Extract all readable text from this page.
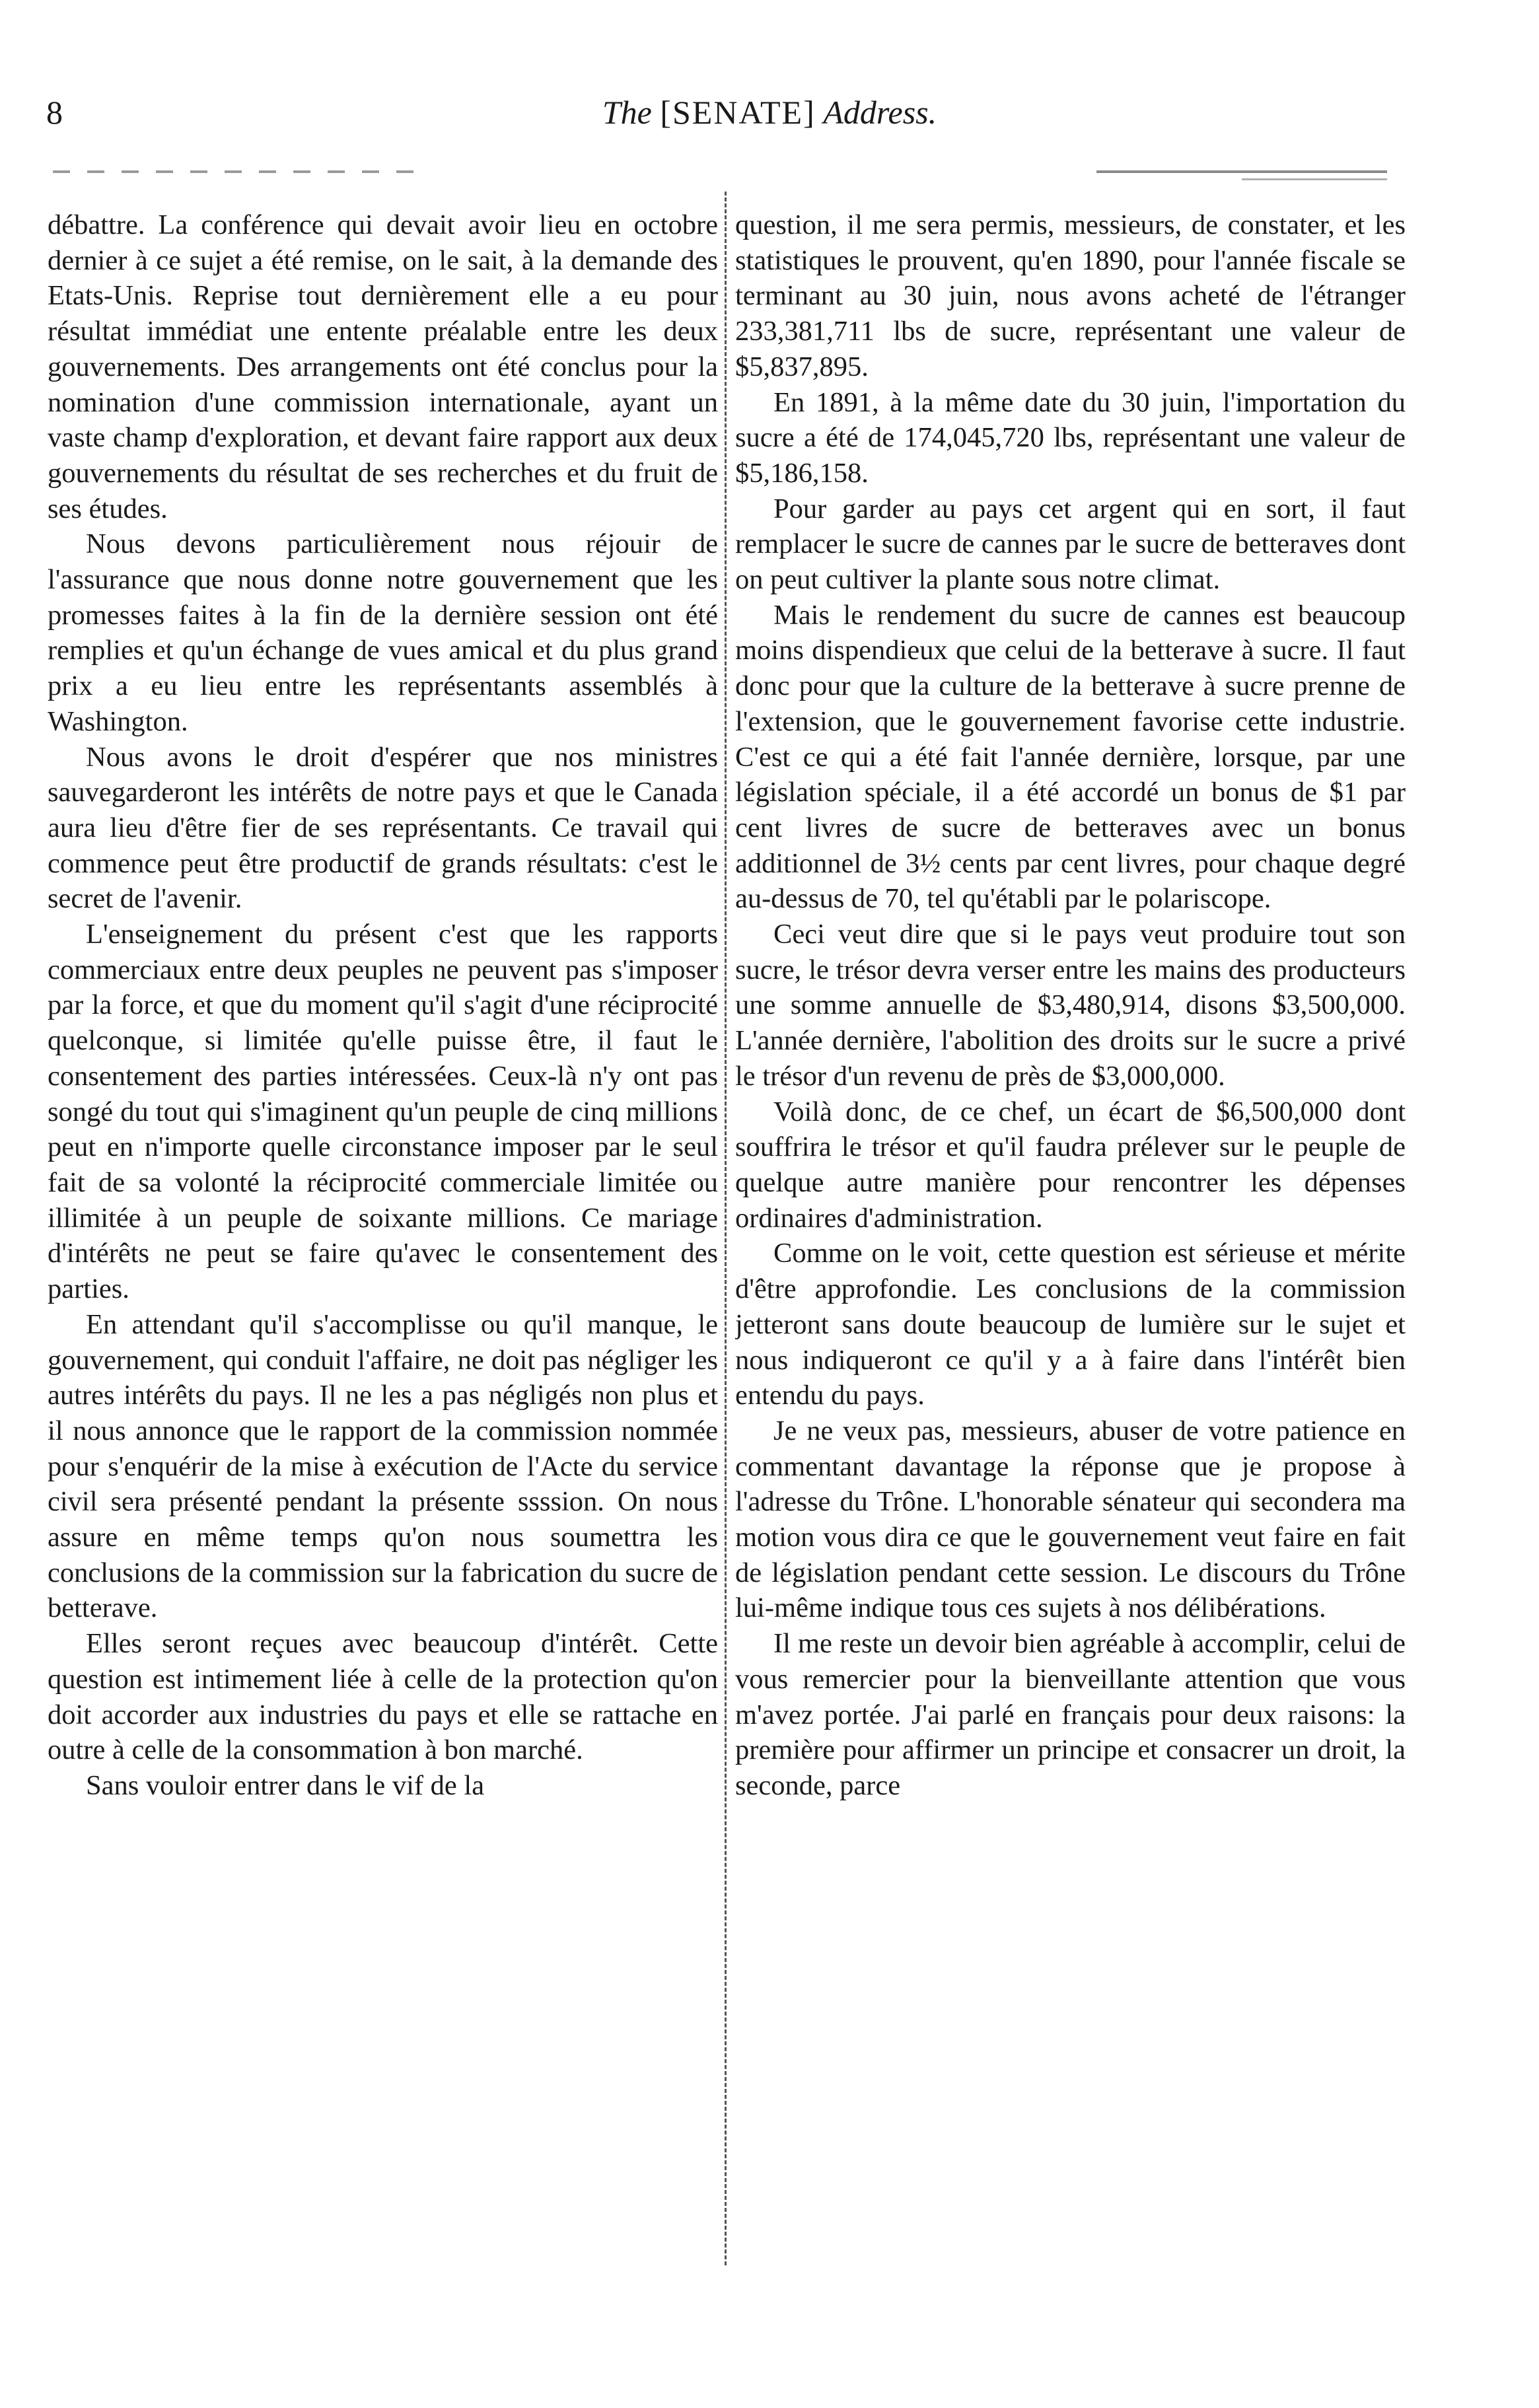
8	The [SENATE] Address.

débattre. La conférence qui devait avoir lieu en octobre dernier à ce sujet a été remise, on le sait, à la demande des Etats-Unis. Reprise tout dernièrement elle a eu pour résultat immédiat une entente préalable entre les deux gouvernements. Des arrangements ont été conclus pour la nomination d'une commission internationale, ayant un vaste champ d'exploration, et devant faire rapport aux deux gouvernements du résultat de ses recherches et du fruit de ses études.

Nous devons particulièrement nous réjouir de l'assurance que nous donne notre gouvernement que les promesses faites à la fin de la dernière session ont été remplies et qu'un échange de vues amical et du plus grand prix a eu lieu entre les représentants assemblés à Washington.

Nous avons le droit d'espérer que nos ministres sauvegarderont les intérêts de notre pays et que le Canada aura lieu d'être fier de ses représentants. Ce travail qui commence peut être productif de grands résultats: c'est le secret de l'avenir.

L'enseignement du présent c'est que les rapports commerciaux entre deux peuples ne peuvent pas s'imposer par la force, et que du moment qu'il s'agit d'une réciprocité quelconque, si limitée qu'elle puisse être, il faut le consentement des parties intéressées. Ceux-là n'y ont pas songé du tout qui s'imaginent qu'un peuple de cinq millions peut en n'importe quelle circonstance imposer par le seul fait de sa volonté la réciprocité commerciale limitée ou illimitée à un peuple de soixante millions. Ce mariage d'intérêts ne peut se faire qu'avec le consentement des parties.

En attendant qu'il s'accomplisse ou qu'il manque, le gouvernement, qui conduit l'affaire, ne doit pas négliger les autres intérêts du pays. Il ne les a pas négligés non plus et il nous annonce que le rapport de la commission nommée pour s'enquérir de la mise à exécution de l'Acte du service civil sera présenté pendant la présente ssssion. On nous assure en même temps qu'on nous soumettra les conclusions de la commission sur la fabrication du sucre de betterave.

Elles seront reçues avec beaucoup d'intérêt. Cette question est intimement liée à celle de la protection qu'on doit accorder aux industries du pays et elle se rattache en outre à celle de la consommation à bon marché.

Sans vouloir entrer dans le vif de la

question, il me sera permis, messieurs, de constater, et les statistiques le prouvent, qu'en 1890, pour l'année fiscale se terminant au 30 juin, nous avons acheté de l'étranger 233,381,711 lbs de sucre, représentant une valeur de $5,837,895.

En 1891, à la même date du 30 juin, l'importation du sucre a été de 174,045,720 lbs, représentant une valeur de $5,186,158.

Pour garder au pays cet argent qui en sort, il faut remplacer le sucre de cannes par le sucre de betteraves dont on peut cultiver la plante sous notre climat.

Mais le rendement du sucre de cannes est beaucoup moins dispendieux que celui de la betterave à sucre. Il faut donc pour que la culture de la betterave à sucre prenne de l'extension, que le gouvernement favorise cette industrie. C'est ce qui a été fait l'année dernière, lorsque, par une législation spéciale, il a été accordé un bonus de $1 par cent livres de sucre de betteraves avec un bonus additionnel de 3½ cents par cent livres, pour chaque degré au-dessus de 70, tel qu'établi par le polariscope.

Ceci veut dire que si le pays veut produire tout son sucre, le trésor devra verser entre les mains des producteurs une somme annuelle de $3,480,914, disons $3,500,000. L'année dernière, l'abolition des droits sur le sucre a privé le trésor d'un revenu de près de $3,000,000.

Voilà donc, de ce chef, un écart de $6,500,000 dont souffrira le trésor et qu'il faudra prélever sur le peuple de quelque autre manière pour rencontrer les dépenses ordinaires d'administration.

Comme on le voit, cette question est sérieuse et mérite d'être approfondie. Les conclusions de la commission jetteront sans doute beaucoup de lumière sur le sujet et nous indiqueront ce qu'il y a à faire dans l'intérêt bien entendu du pays.

Je ne veux pas, messieurs, abuser de votre patience en commentant davantage la réponse que je propose à l'adresse du Trône. L'honorable sénateur qui secondera ma motion vous dira ce que le gouvernement veut faire en fait de législation pendant cette session. Le discours du Trône lui-même indique tous ces sujets à nos délibérations.

Il me reste un devoir bien agréable à accomplir, celui de vous remercier pour la bienveillante attention que vous m'avez portée. J'ai parlé en français pour deux raisons: la première pour affirmer un principe et consacrer un droit, la seconde, parce
